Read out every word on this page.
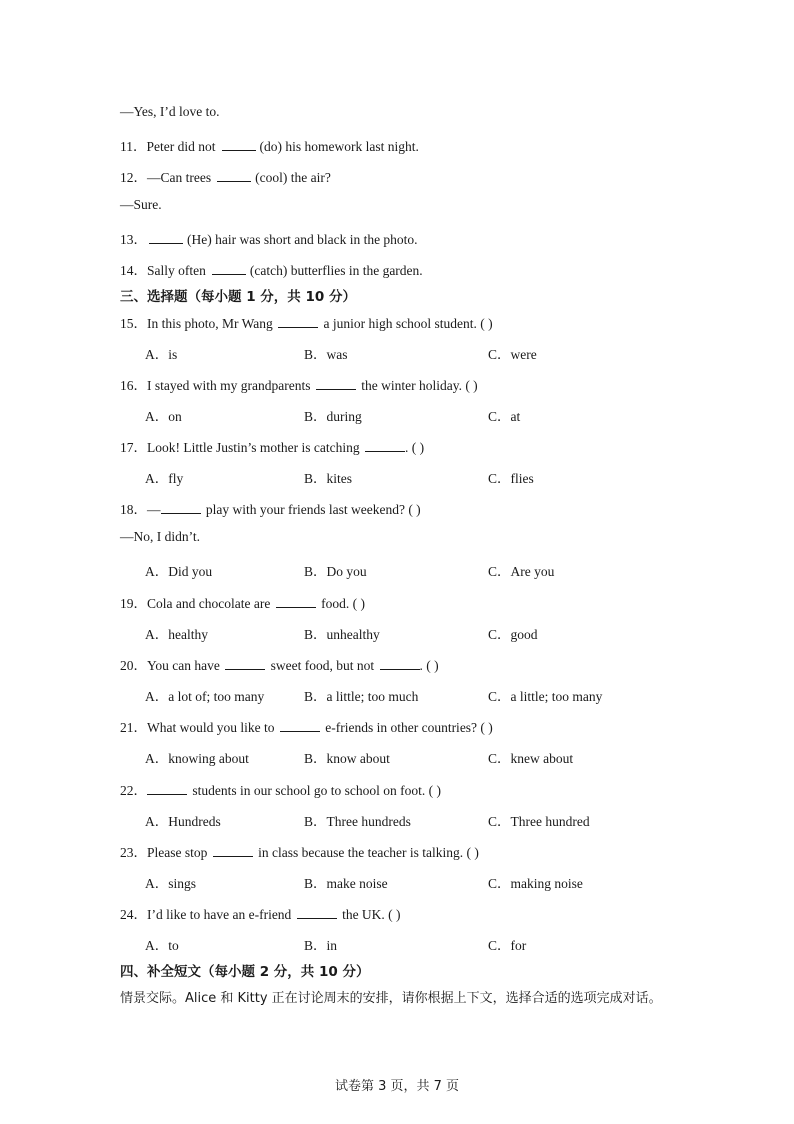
—Yes, I’d love to.
11．Peter did not	(do) his homework last night.
12．—Can trees	(cool) the air?
—Sure.
13．	(He) hair was short and black in the photo.
14．Sally often	(catch) butterflies in the garden.
三、选择题（每小题 1 分，共 10 分）
15．In this photo, Mr Wang	a junior high school student. ( )
A．is	B．was	C．were
16．I stayed with my grandparents	the winter holiday. ( )
A．on	B．during	C．at
17．Look! Little Justin’s mother is catching	. ( )
A．fly	B．kites	C．flies
18．—	play with your friends last weekend? ( )
—No, I didn’t.
A．Did you	B．Do you	C．Are you
19．Cola and chocolate are	food. ( )
A．healthy	B．unhealthy	C．good
20．You can have	sweet food, but not	. ( )
A．a lot of; too many	B．a little; too much	C．a little; too many
21．What would you like to	e-friends in other countries? ( )
A．knowing about	B．know about	C．knew about
22．	students in our school go to school on foot. ( )
A．Hundreds	B．Three hundreds	C．Three hundred
23．Please stop	in class because the teacher is talking. ( )
A．sings	B．make noise	C．making noise
24．I’d like to have an e-friend	the UK. ( )
A．to	B．in	C．for
四、补全短文（每小题 2 分，共 10 分）
情景交际。Alice 和 Kitty 正在讨论周末的安排，请你根据上下文，选择合适的选项完成对话。
试卷第 3 页，共 7 页
